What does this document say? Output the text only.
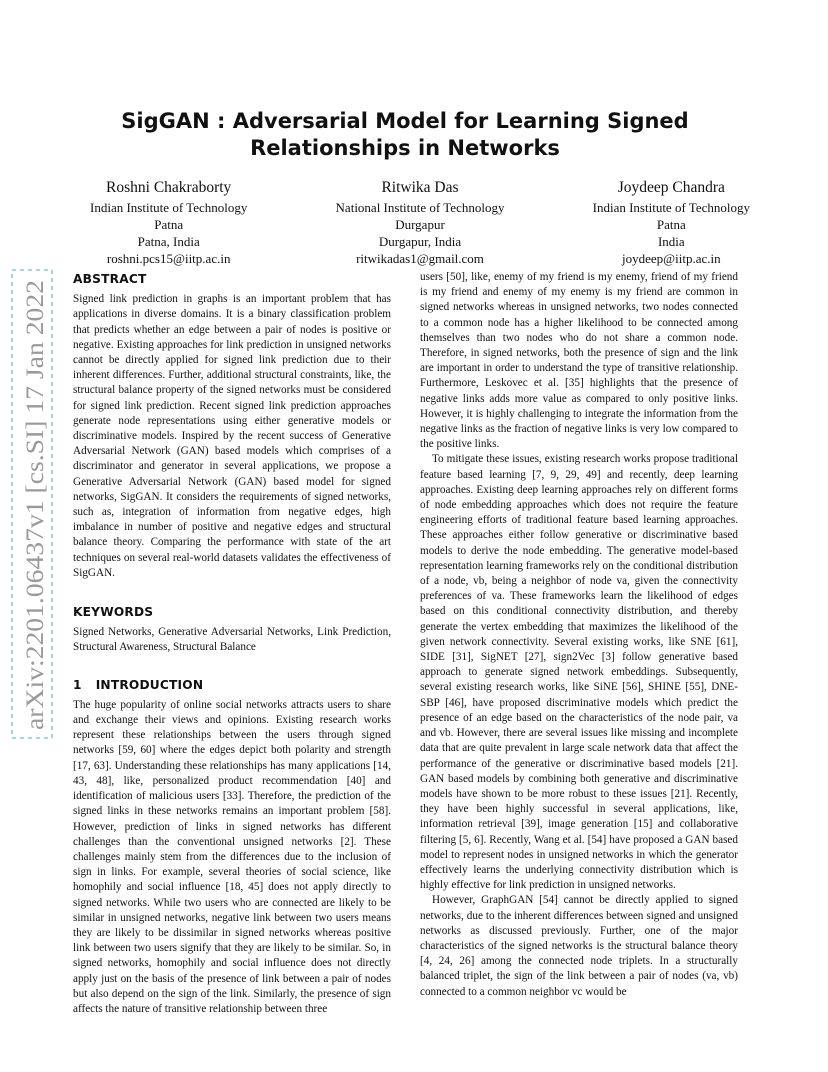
arXiv:2201.06437v1 [cs.SI] 17 Jan 2022
SigGAN : Adversarial Model for Learning Signed
Relationships in Networks
Roshni Chakraborty
Indian Institute of Technology
Patna
Patna, India
roshni.pcs15@iitp.ac.in
Ritwika Das
National Institute of Technology
Durgapur
Durgapur, India
ritwikadas1@gmail.com
Joydeep Chandra
Indian Institute of Technology
Patna
India
joydeep@iitp.ac.in
ABSTRACT

Signed link prediction in graphs is an important problem that has applications in diverse domains. It is a binary classification problem that predicts whether an edge between a pair of nodes is positive or negative. Existing approaches for link prediction in unsigned networks cannot be directly applied for signed link prediction due to their inherent differences. Further, additional structural constraints, like, the structural balance property of the signed networks must be considered for signed link prediction. Recent signed link prediction approaches generate node representations using either generative models or discriminative models. Inspired by the recent success of Generative Adversarial Network (GAN) based models which comprises of a discriminator and generator in several applications, we propose a Generative Adversarial Network (GAN) based model for signed networks, SigGAN. It considers the requirements of signed networks, such as, integration of information from negative edges, high imbalance in number of positive and negative edges and structural balance theory. Comparing the performance with state of the art techniques on several real-world datasets validates the effectiveness of SigGAN.

KEYWORDS

Signed Networks, Generative Adversarial Networks, Link Prediction, Structural Awareness, Structural Balance

1 INTRODUCTION

The huge popularity of online social networks attracts users to share and exchange their views and opinions. Existing research works represent these relationships between the users through signed networks [59, 60] where the edges depict both polarity and strength [17, 63]. Understanding these relationships has many applications [14, 43, 48], like, personalized product recommendation [40] and identification of malicious users [33]. Therefore, the prediction of the signed links in these networks remains an important problem [58]. However, prediction of links in signed networks has different challenges than the conventional unsigned networks [2]. These challenges mainly stem from the differences due to the inclusion of sign in links. For example, several theories of social science, like homophily and social influence [18, 45] does not apply directly to signed networks. While two users who are connected are likely to be similar in unsigned networks, negative link between two users means they are likely to be dissimilar in signed networks whereas positive link between two users signify that they are likely to be similar. So, in signed networks, homophily and social influence does not directly apply just on the basis of the presence of link between a pair of nodes but also depend on the sign of the link. Similarly, the presence of sign affects the nature of transitive relationship between three

users [50], like, enemy of my friend is my enemy, friend of my friend is my friend and enemy of my enemy is my friend are common in signed networks whereas in unsigned networks, two nodes connected to a common node has a higher likelihood to be connected among themselves than two nodes who do not share a common node. Therefore, in signed networks, both the presence of sign and the link are important in order to understand the type of transitive relationship. Furthermore, Leskovec et al. [35] highlights that the presence of negative links adds more value as compared to only positive links. However, it is highly challenging to integrate the information from the negative links as the fraction of negative links is very low compared to the positive links.

To mitigate these issues, existing research works propose traditional feature based learning [7, 9, 29, 49] and recently, deep learning approaches. Existing deep learning approaches rely on different forms of node embedding approaches which does not require the feature engineering efforts of traditional feature based learning approaches. These approaches either follow generative or discriminative based models to derive the node embedding. The generative model-based representation learning frameworks rely on the conditional distribution of a node, vb, being a neighbor of node va, given the connectivity preferences of va. These frameworks learn the likelihood of edges based on this conditional connectivity distribution, and thereby generate the vertex embedding that maximizes the likelihood of the given network connectivity. Several existing works, like SNE [61], SIDE [31], SigNET [27], sign2Vec [3] follow generative based approach to generate signed network embeddings. Subsequently, several existing research works, like SiNE [56], SHINE [55], DNE-SBP [46], have proposed discriminative models which predict the presence of an edge based on the characteristics of the node pair, va and vb. However, there are several issues like missing and incomplete data that are quite prevalent in large scale network data that affect the performance of the generative or discriminative based models [21]. GAN based models by combining both generative and discriminative models have shown to be more robust to these issues [21]. Recently, they have been highly successful in several applications, like, information retrieval [39], image generation [15] and collaborative filtering [5, 6]. Recently, Wang et al. [54] have proposed a GAN based model to represent nodes in unsigned networks in which the generator effectively learns the underlying connectivity distribution which is highly effective for link prediction in unsigned networks.

However, GraphGAN [54] cannot be directly applied to signed networks, due to the inherent differences between signed and unsigned networks as discussed previously. Further, one of the major characteristics of the signed networks is the structural balance theory [4, 24, 26] among the connected node triplets. In a structurally balanced triplet, the sign of the link between a pair of nodes (va, vb) connected to a common neighbor vc would be
